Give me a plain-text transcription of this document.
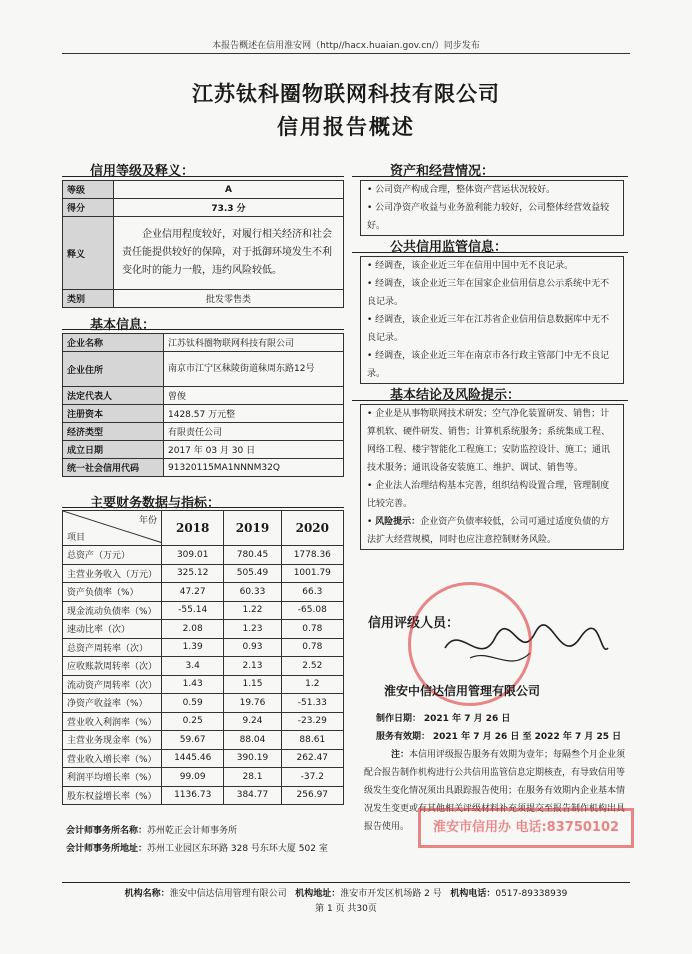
本报告概述在信用淮安网（http//hacx.huaian.gov.cn/）同步发布
江苏钛科圈物联网科技有限公司
信用报告概述
信用等级及释义：
等级	A
得分	73.3 分
释义	企业信用程度较好，对履行相关经济和社会责任能提供较好的保障，对于抵御环境发生不利变化时的能力一般，违约风险较低。
类别	批发零售类
基本信息：
企业名称	江苏钛科圈物联网科技有限公司
企业住所	南京市江宁区秣陵街道秣周东路12号
法定代表人	曾俊
注册资本	1428.57 万元整
经济类型	有限责任公司
成立日期	2017 年 03 月 30 日
统一社会信用代码	91320115MA1NNNM32Q
主要财务数据与指标：
年份
项目	2018	2019	2020
总资产（万元）	309.01	780.45	1778.36
主营业务收入（万元）	325.12	505.49	1001.79
资产负债率（%）	47.27	60.33	66.3
现金流动负债率（%）	-55.14	1.22	-65.08
速动比率（次）	2.08	1.23	0.78
总资产周转率（次）	1.39	0.93	0.78
应收账款周转率（次）	3.4	2.13	2.52
流动资产周转率（次）	1.43	1.15	1.2
净资产收益率（%）	0.59	19.76	-51.33
营业收入利润率（%）	0.25	9.24	-23.29
主营业务现金率（%）	59.67	88.04	88.61
营业收入增长率（%）	1445.46	390.19	262.47
利润平均增长率（%）	99.09	28.1	-37.2
股东权益增长率（%）	1136.73	384.77	256.97
会计师事务所名称：苏州乾正会计师事务所
会计师事务所地址：苏州工业园区东环路 328 号东环大厦 502 室
资产和经营情况：

• 公司资产构成合理，整体资产营运状况较好。

• 公司净资产收益与业务盈利能力较好，公司整体经营效益较好。

公共信用监管信息：

• 经调查，该企业近三年在信用中国中无不良记录。

• 经调查，该企业近三年在国家企业信用信息公示系统中无不良记录。

• 经调查，该企业近三年在江苏省企业信用信息数据库中无不良记录。

• 经调查，该企业近三年在南京市各行政主管部门中无不良记录。

基本结论及风险提示：

• 企业是从事物联网技术研发；空气净化装置研发、销售；计算机软、硬件研发、销售；计算机系统服务；系统集成工程、网络工程、楼宇智能化工程施工；安防监控设计、施工；通讯技术服务；通讯设备安装施工、维护、调试、销售等。

• 企业法人治理结构基本完善，组织结构设置合理，管理制度比较完善。

• 风险提示：企业资产负债率较低，公司可通过适度负债的方法扩大经营规模，同时也应注意控制财务风险。

信用评级人员：
淮安中信达信用管理有限公司
制作日期： 2021 年 7 月 26 日
服务有效期： 2021 年 7 月 26 日 至 2022 年 7 月 25 日
注：本信用评级报告服务有效期为壹年；每隔叁个月企业须配合报告制作机构进行公共信用监管信息定期核查，有导致信用等级发生变化情况须出具跟踪报告使用；在服务有效期内企业基本情况发生变更或有其他相关评级材料补充须提交至报告制作机构出具报告使用。	淮安市信用办 电话:83750102
机构名称：淮安中信达信用管理有限公司 机构地址：淮安市开发区机场路 2 号 机构电话：0517-89338939
第 1 页 共30页
